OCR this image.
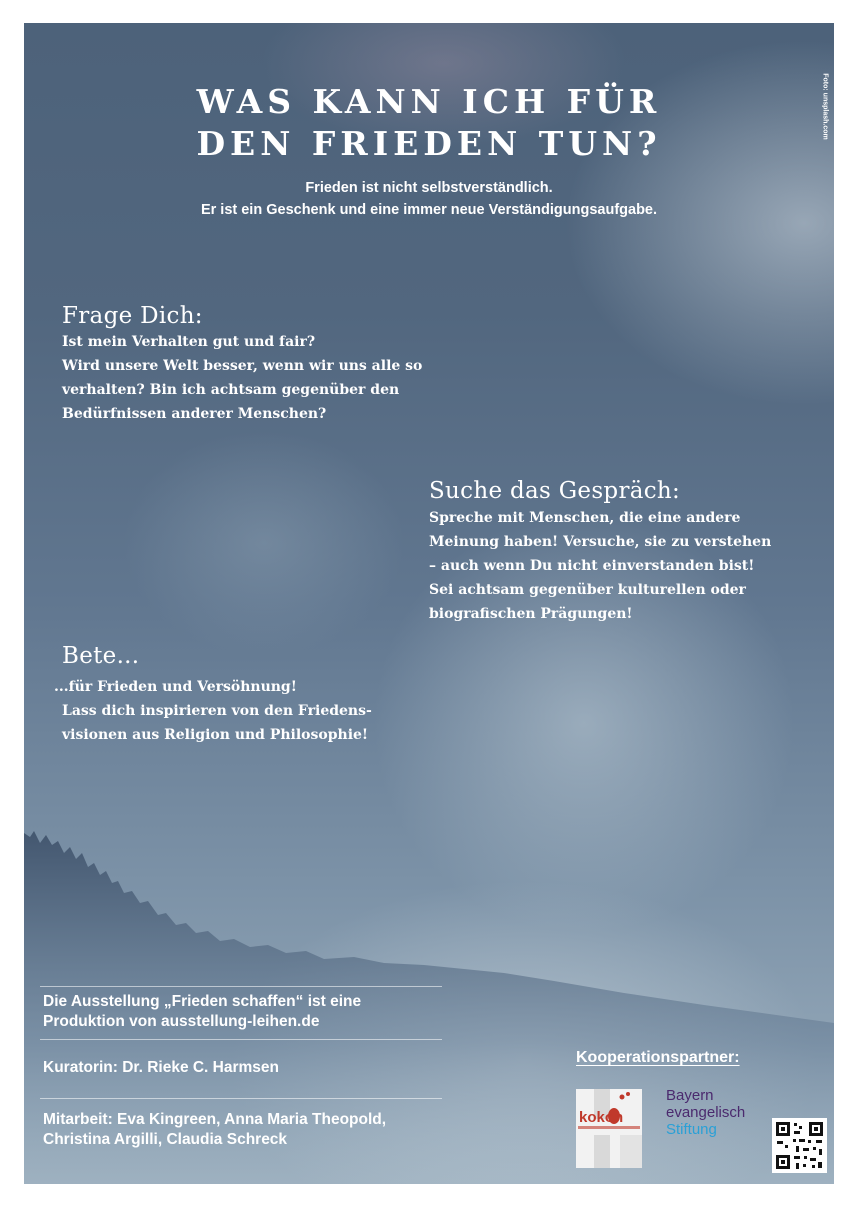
Foto: unsplash.com
WAS KANN ICH FÜR
DEN FRIEDEN TUN?
Frieden ist nicht selbstverständlich.
Er ist ein Geschenk und eine immer neue Verständigungsaufgabe.
Frage Dich:
Ist mein Verhalten gut und fair?
Wird unsere Welt besser, wenn wir uns alle so
verhalten? Bin ich achtsam gegenüber den
Bedürfnissen anderer Menschen?
Suche das Gespräch:
Spreche mit Menschen, die eine andere
Meinung haben! Versuche, sie zu verstehen
– auch wenn Du nicht einverstanden bist!
Sei achtsam gegenüber kulturellen oder
biografischen Prägungen!
Bete...
...für Frieden und Versöhnung!
Lass dich inspirieren von den Friedens-
visionen aus Religion und Philosophie!
Die Ausstellung „Frieden schaffen“ ist eine
Produktion von ausstellung-leihen.de
Kuratorin: Dr. Rieke C. Harmsen
Mitarbeit: Eva Kingreen, Anna Maria Theopold,
Christina Argilli, Claudia Schreck
Kooperationspartner:
kokon
Bayern
evangelisch
Stiftung
